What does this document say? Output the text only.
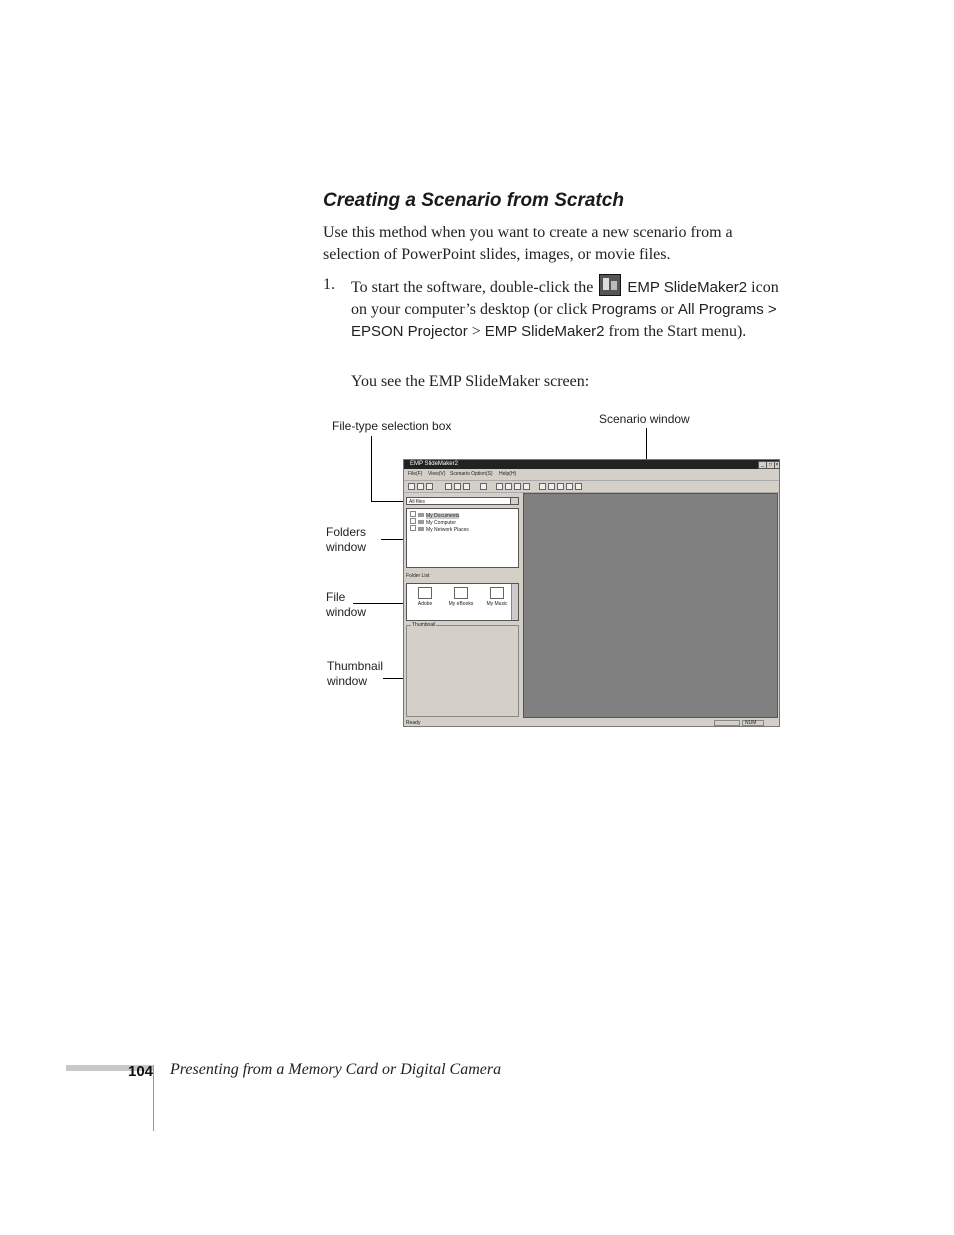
Creating a Scenario from Scratch
Use this method when you want to create a new scenario from a selection of PowerPoint slides, images, or movie files.
1. To start the software, double-click the EMP SlideMaker2 icon on your computer’s desktop (or click Programs or All Programs > EPSON Projector > EMP SlideMaker2 from the Start menu).
You see the EMP SlideMaker screen:
File-type selection box	Scenario window
Folders
window
File
window
Thumbnail
window
EMP SlideMaker2	_	□ ×
File(F) View(V) Scenario Option(S) Help(H)
All files
My Documents
My Computer
My Network Places
Folder List
Adobe	My eBooks	My Music
Thumbnail
Ready	NUM
104 Presenting from a Memory Card or Digital Camera
